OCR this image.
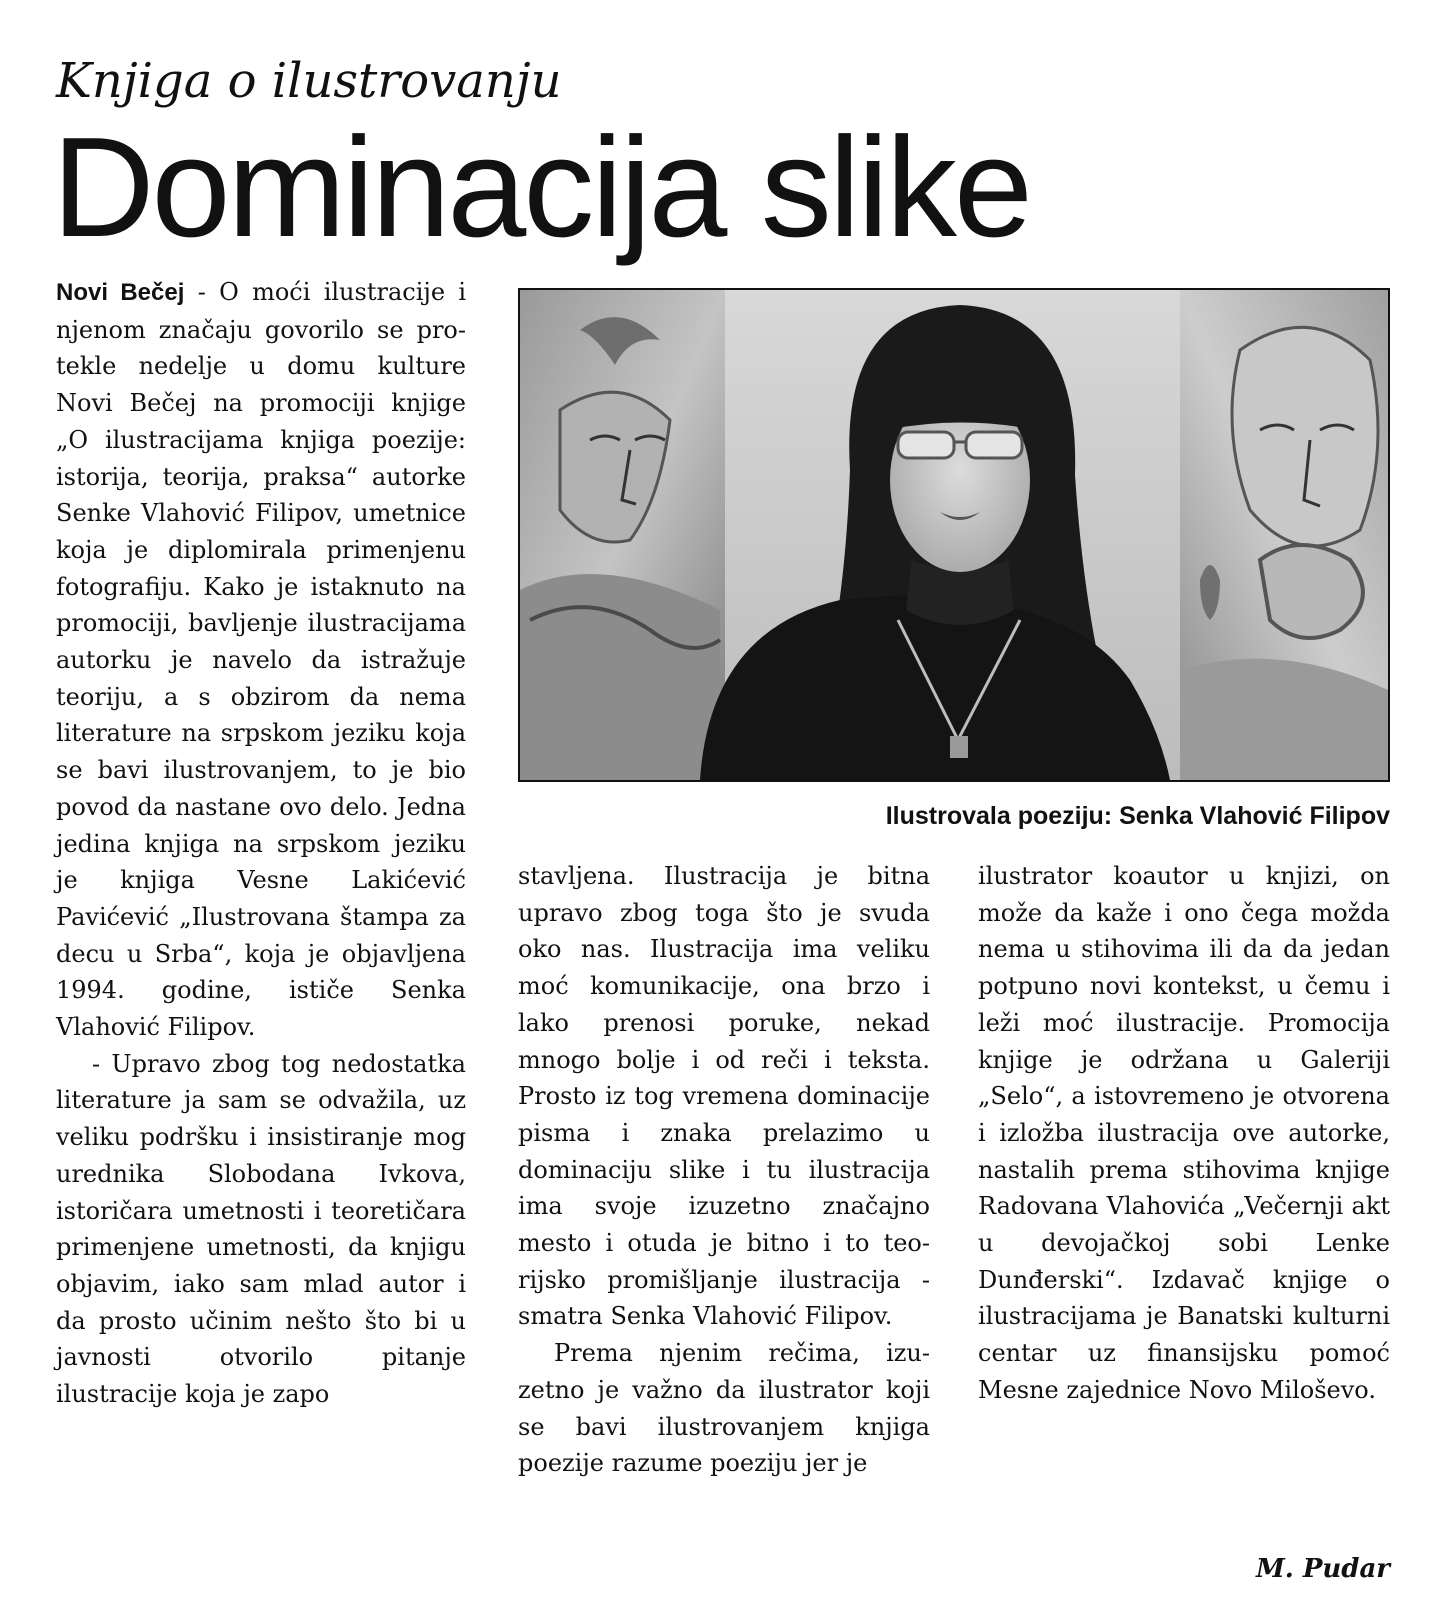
Knjiga o ilustrovanju
Dominacija slike

Novi Bečej - O moći ilustracije i njenom značaju govorilo se protekle nedelje u domu kulture Novi Bečej na promociji knjige „O ilustracijama knjiga poezije: istorija, teorija, praksa“ autorke Senke Vlahović Filipov, umetnice koja je diplomirala primenjenu fotografiju. Kako je istaknuto na promociji, bavljenje ilustracijama autorku je navelo da istražuje teoriju, a s obzirom da nema literature na srpskom jeziku koja se bavi ilustrovanjem, to je bio povod da nastane ovo delo. Jedna jedina knjiga na srpskom jeziku je knjiga Vesne Lakićević Pavićević „Ilustrovana štampa za decu u Srba“, koja je objavljena 1994. godine, ističe Senka Vlahović Filipov.

- Upravo zbog tog nedostatka literature ja sam se odvažila, uz veliku podršku i insistiranje mog urednika Slobodana Ivkova, istoričara umetnosti i teoretičara primenjene umetnosti, da knjigu objavim, iako sam mlad autor i da prosto učinim nešto što bi u javnosti otvorilo pitanje ilustracije koja je zapo

Ilustrovala poeziju: Senka Vlahović Filipov

stavljena. Ilustracija je bitna upravo zbog toga što je svuda oko nas. Ilustracija ima veliku moć komunikacije, ona brzo i lako prenosi poruke, nekad mnogo bolje i od reči i teksta. Prosto iz tog vremena dominacije pisma i znaka prelazimo u dominaciju slike i tu ilustracija ima svoje izuzetno značajno mesto i otuda je bitno i to teorijsko promišljanje ilustracija - smatra Senka Vlahović Filipov.

Prema njenim rečima, izuzetno je važno da ilustrator koji se bavi ilustrovanjem knjiga poezije razume poeziju jer je

ilustrator koautor u knjizi, on može da kaže i ono čega možda nema u stihovima ili da da jedan potpuno novi kontekst, u čemu i leži moć ilustracije. Promocija knjige je održana u Galeriji „Selo“, a istovremeno je otvorena i izložba ilustracija ove autorke, nastalih prema stihovima knjige Radovana Vlahovića „Večernji akt u devojačkoj sobi Lenke Dunđerski“. Izdavač knjige o ilustracijama je Banatski kulturni centar uz finansijsku pomoć Mesne zajednice Novo Miloševo.

M. Pudar
